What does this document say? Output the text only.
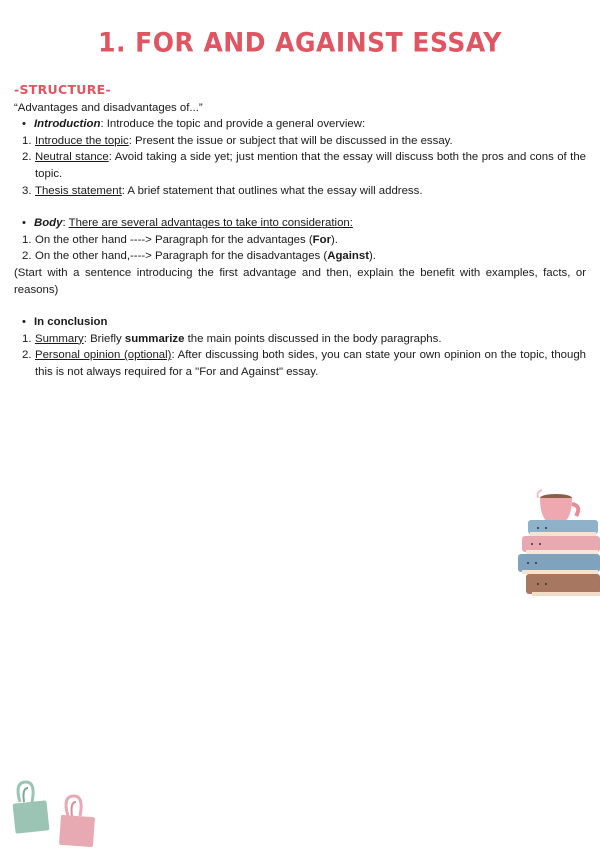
1. FOR AND AGAINST ESSAY
-STRUCTURE-
“Advantages and disadvantages of...”
• Introduction: Introduce the topic and provide a general overview:
1. Introduce the topic: Present the issue or subject that will be discussed in the essay.
2. Neutral stance: Avoid taking a side yet; just mention that the essay will discuss both the pros and cons of the topic.
3. Thesis statement: A brief statement that outlines what the essay will address.
• Body: There are several advantages to take into consideration:
1. On the other hand ----> Paragraph for the advantages (For).
2. On the other hand,----> Paragraph for the disadvantages (Against).
(Start with a sentence introducing the first advantage and then, explain the benefit with examples, facts, or reasons)
• In conclusion
1. Summary: Briefly summarize the main points discussed in the body paragraphs.
2. Personal opinion (optional): After discussing both sides, you can state your own opinion on the topic, though this is not always required for a "For and Against" essay.
